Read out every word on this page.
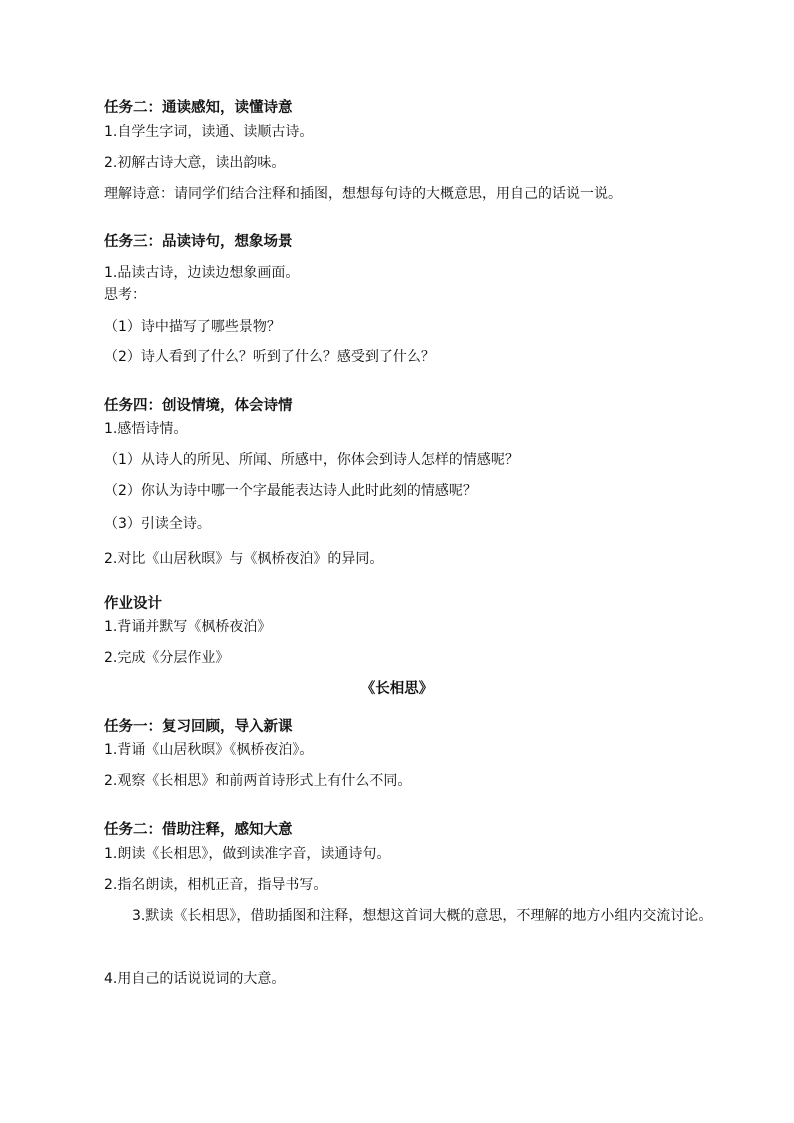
任务二：通读感知，读懂诗意
1.自学生字词，读通、读顺古诗。
2.初解古诗大意，读出韵味。
理解诗意：请同学们结合注释和插图，想想每句诗的大概意思，用自己的话说一说。
任务三：品读诗句，想象场景
1.品读古诗，边读边想象画面。
思考：
（1）诗中描写了哪些景物？
（2）诗人看到了什么？听到了什么？感受到了什么？
任务四：创设情境，体会诗情
1.感悟诗情。
（1）从诗人的所见、所闻、所感中，你体会到诗人怎样的情感呢？
（2）你认为诗中哪一个字最能表达诗人此时此刻的情感呢？
（3）引读全诗。
2.对比《山居秋暝》与《枫桥夜泊》的异同。
作业设计
1.背诵并默写《枫桥夜泊》
2.完成《分层作业》
《长相思》
任务一：复习回顾，导入新课
1.背诵《山居秋暝》《枫桥夜泊》。
2.观察《长相思》和前两首诗形式上有什么不同。
任务二：借助注释，感知大意
1.朗读《长相思》，做到读准字音，读通诗句。
2.指名朗读，相机正音，指导书写。
3.默读《长相思》，借助插图和注释，想想这首词大概的意思，不理解的地方小组内交流讨论。
4.用自己的话说说词的大意。
